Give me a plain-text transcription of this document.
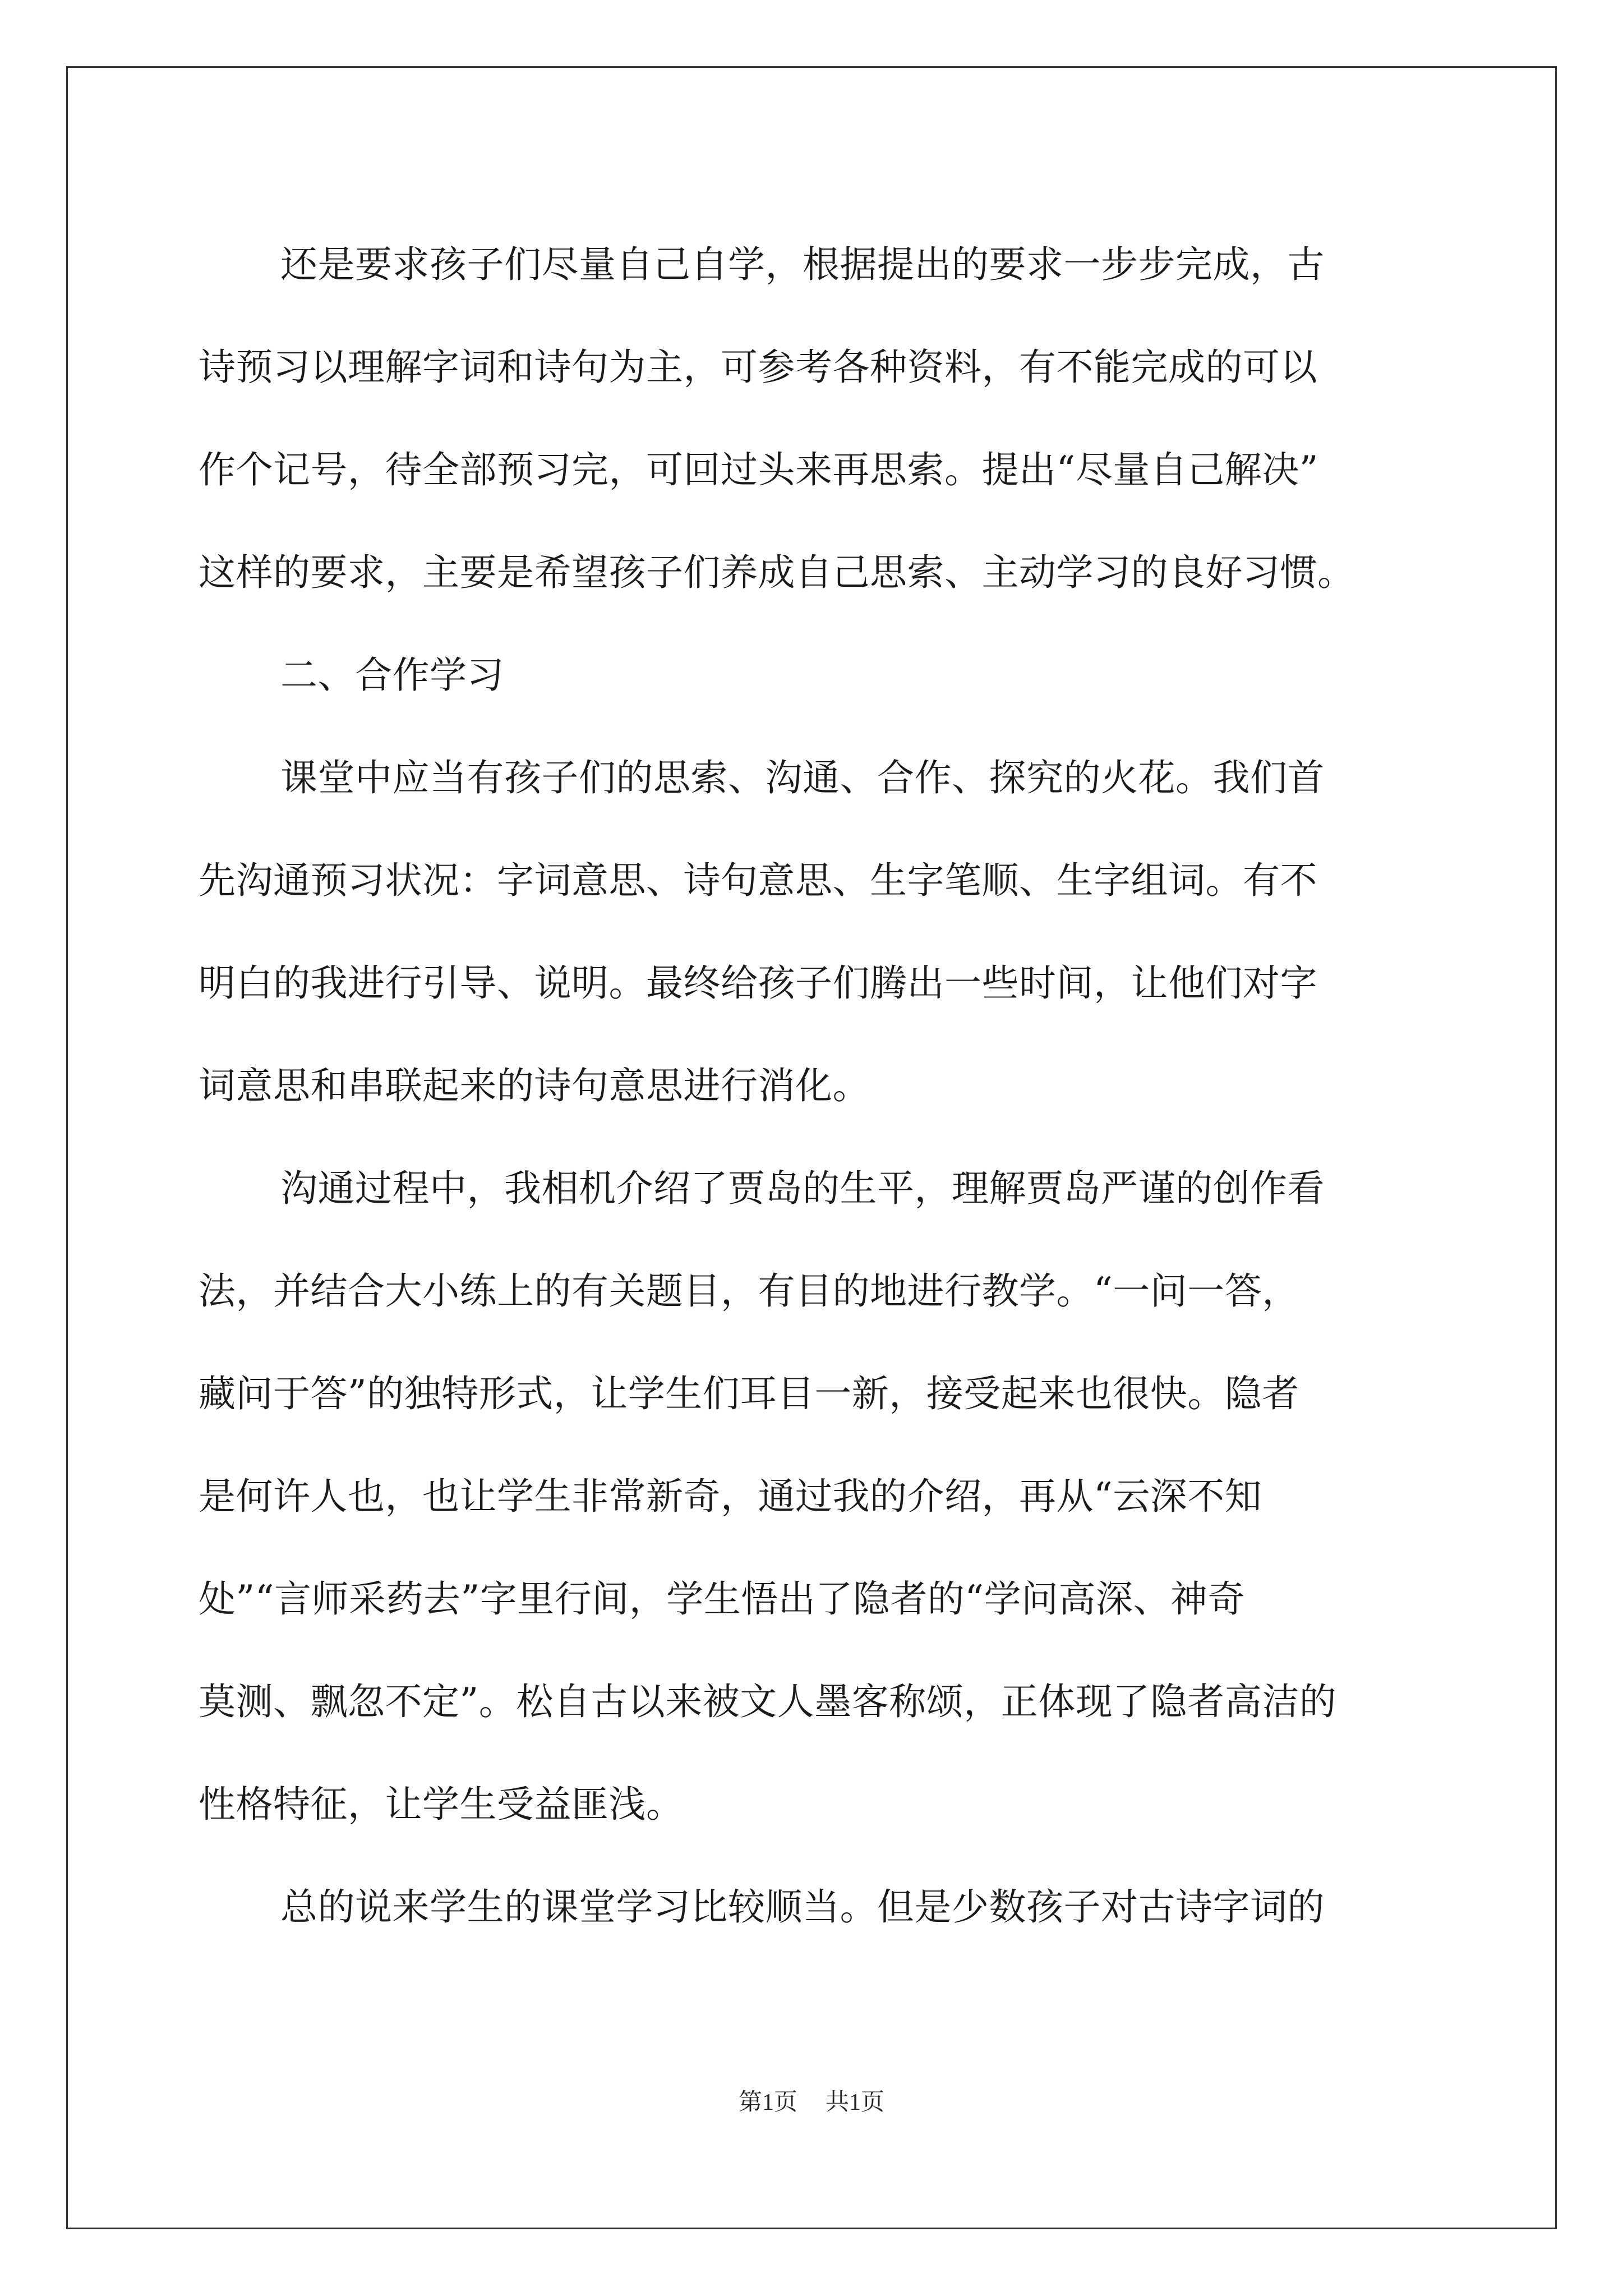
还是要求孩子们尽量自己自学，根据提出的要求一步步完成，古
诗预习以理解字词和诗句为主，可参考各种资料，有不能完成的可以
作个记号，待全部预习完，可回过头来再思索。提出“尽量自己解决”
这样的要求，主要是希望孩子们养成自己思索、主动学习的良好习惯。
二、合作学习
课堂中应当有孩子们的思索、沟通、合作、探究的火花。我们首
先沟通预习状况：字词意思、诗句意思、生字笔顺、生字组词。有不
明白的我进行引导、说明。最终给孩子们腾出一些时间，让他们对字
词意思和串联起来的诗句意思进行消化。
沟通过程中，我相机介绍了贾岛的生平，理解贾岛严谨的创作看
法，并结合大小练上的有关题目，有目的地进行教学。“一问一答，
藏问于答”的独特形式，让学生们耳目一新，接受起来也很快。隐者
是何许人也，也让学生非常新奇，通过我的介绍，再从“云深不知
处”“言师采药去”字里行间，学生悟出了隐者的“学问高深、神奇
莫测、飘忽不定”。松自古以来被文人墨客称颂，正体现了隐者高洁的
性格特征，让学生受益匪浅。
总的说来学生的课堂学习比较顺当。但是少数孩子对古诗字词的
第1页 共1页
